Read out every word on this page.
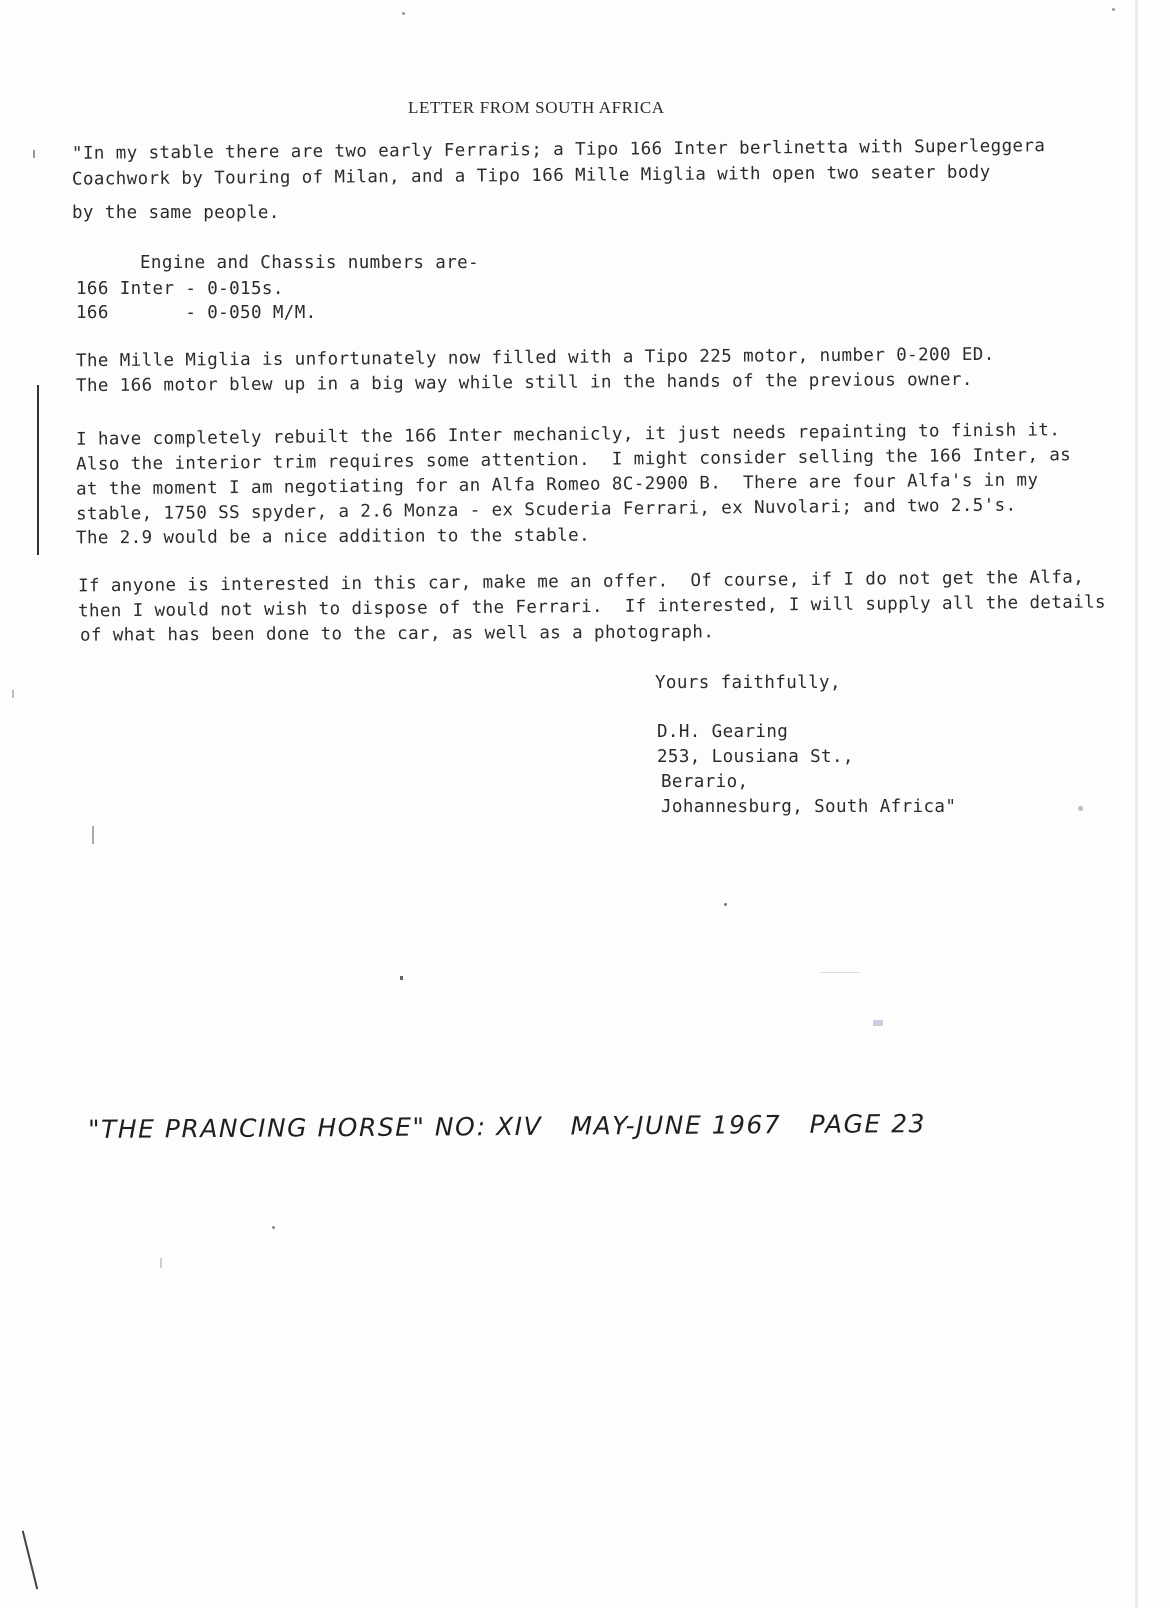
LETTER FROM SOUTH AFRICA
"In my stable there are two early Ferraris; a Tipo 166 Inter berlinetta with Superleggera
Coachwork by Touring of Milan, and a Tipo 166 Mille Miglia with open two seater body
by the same people.
Engine and Chassis numbers are-
166 Inter - 0-015s.
166       - 0-050 M/M.
The Mille Miglia is unfortunately now filled with a Tipo 225 motor, number 0-200 ED.
The 166 motor blew up in a big way while still in the hands of the previous owner.
I have completely rebuilt the 166 Inter mechanicly, it just needs repainting to finish it.
Also the interior trim requires some attention.  I might consider selling the 166 Inter, as
at the moment I am negotiating for an Alfa Romeo 8C-2900 B.  There are four Alfa's in my
stable, 1750 SS spyder, a 2.6 Monza - ex Scuderia Ferrari, ex Nuvolari; and two 2.5's.
The 2.9 would be a nice addition to the stable.
If anyone is interested in this car, make me an offer.  Of course, if I do not get the Alfa,
then I would not wish to dispose of the Ferrari.  If interested, I will supply all the details
of what has been done to the car, as well as a photograph.
Yours faithfully,
D.H. Gearing
253, Lousiana St.,
Berario,
Johannesburg, South Africa"
"THE PRANCING HORSE" NO: XIV   MAY-JUNE 1967   PAGE 23
